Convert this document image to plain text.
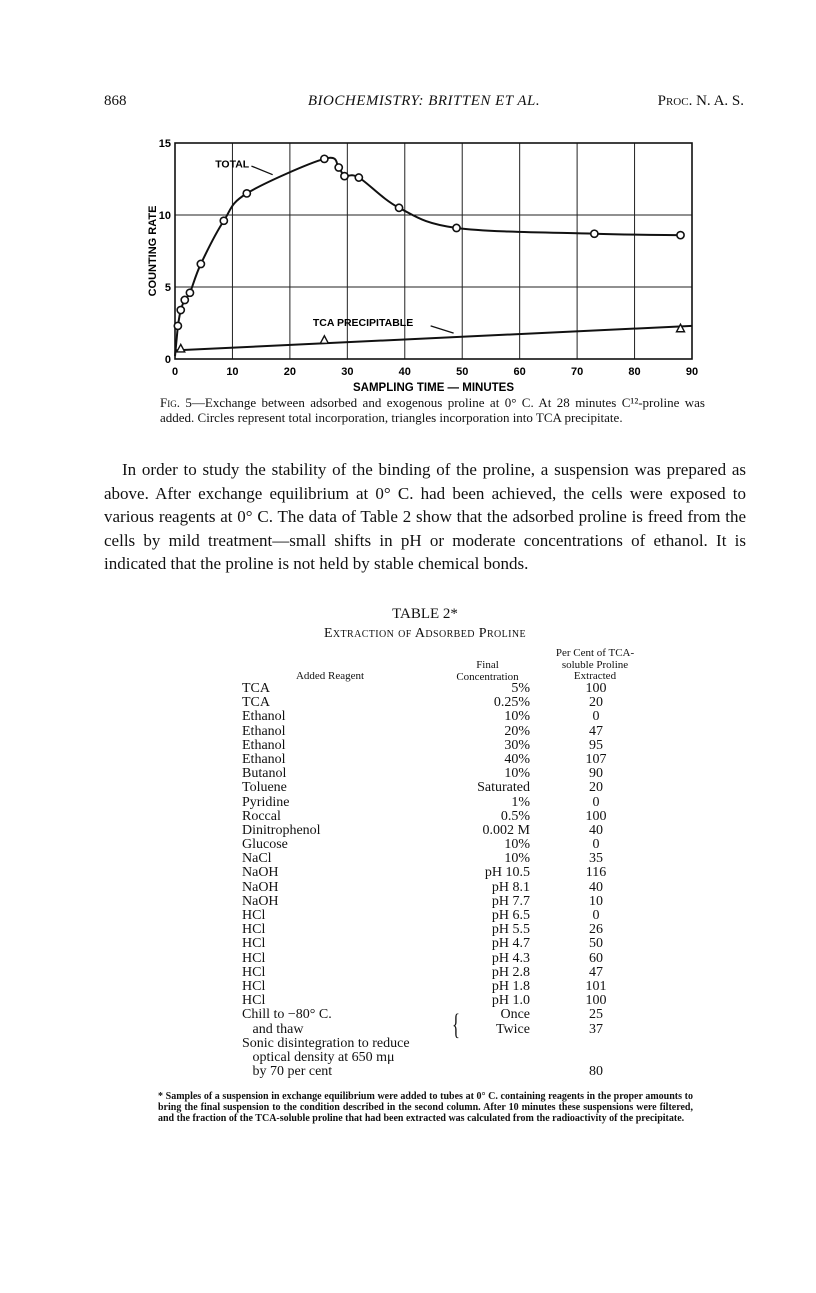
868	BIOCHEMISTRY: BRITTEN ET AL.	Proc. N. A. S.
0	10	20	30	40	50	60	70	80	90
0
5
10
15
SAMPLING TIME — MINUTES
COUNTING RATE
TOTAL
TCA PRECIPITABLE
Fig. 5—Exchange between adsorbed and exogenous proline at 0° C. At 28 minutes C¹²-proline was added. Circles represent total incorporation, triangles incorporation into TCA precipitate.
In order to study the stability of the binding of the proline, a suspension was prepared as above. After exchange equilibrium at 0° C. had been achieved, the cells were exposed to various reagents at 0° C. The data of Table 2 show that the adsorbed proline is freed from the cells by mild treatment—small shifts in pH or moderate concentrations of ethanol. It is indicated that the proline is not held by stable chemical bonds.
TABLE 2*
Extraction of Adsorbed Proline
Added Reagent
Final
Concentration
Per Cent of TCA-
soluble Proline
Extracted
TCA	5%	100
TCA	0.25%	20
Ethanol	10%	0
Ethanol	20%	47
Ethanol	30%	95
Ethanol	40%	107
Butanol	10%	90
Toluene	Saturated	20
Pyridine	1%	0
Roccal	0.5%	100
Dinitrophenol	0.002 M	40
Glucose	10%	0
NaCl	10%	35
NaOH	pH 10.5	116
NaOH	pH 8.1	40
NaOH	pH 7.7	10
HCl	pH 6.5	0
HCl	pH 5.5	26
HCl	pH 4.7	50
HCl	pH 4.3	60
HCl	pH 2.8	47
HCl	pH 1.8	101
HCl	pH 1.0	100
Chill to −80° C.	Once	25
and thaw	Twice	37
Sonic disintegration to reduce
optical density at 650 mμ
by 70 per cent	80
{
* Samples of a suspension in exchange equilibrium were added to tubes at 0° C. containing reagents in the proper amounts to bring the final suspension to the condition described in the second column. After 10 minutes these suspensions were filtered, and the fraction of the TCA-soluble proline that had been extracted was calculated from the radioactivity of the precipitate.
